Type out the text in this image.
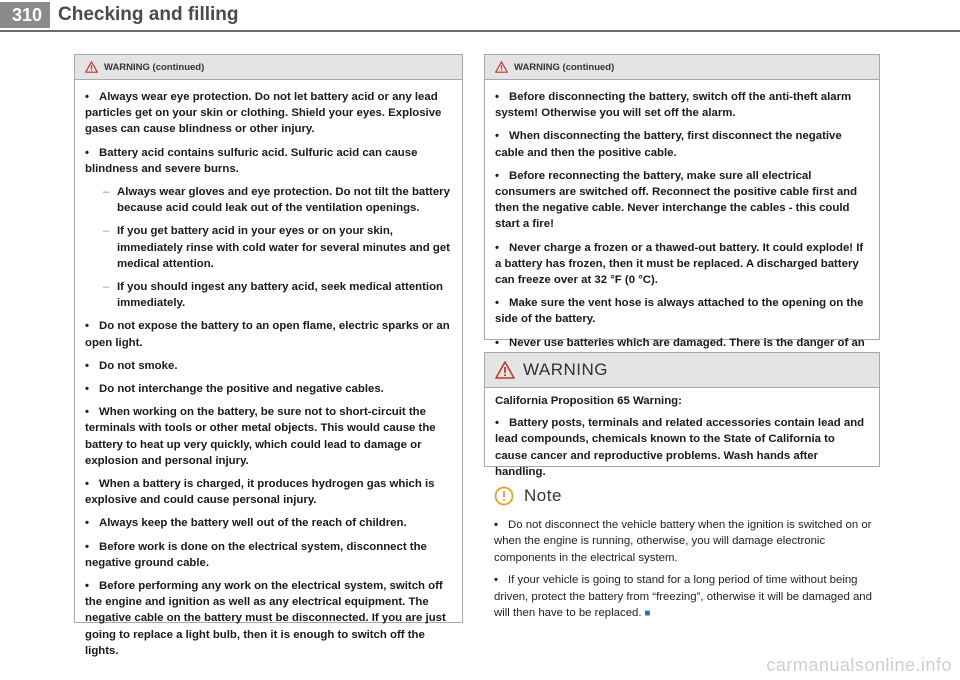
310 Checking and filling
WARNING (continued)
• Always wear eye protection. Do not let battery acid or any lead particles get on your skin or clothing. Shield your eyes. Explosive gases can cause blindness or other injury.
• Battery acid contains sulfuric acid. Sulfuric acid can cause blindness and severe burns.
– Always wear gloves and eye protection. Do not tilt the battery because acid could leak out of the ventilation openings.
– If you get battery acid in your eyes or on your skin, immediately rinse with cold water for several minutes and get medical attention.
– If you should ingest any battery acid, seek medical attention immediately.
• Do not expose the battery to an open flame, electric sparks or an open light.
• Do not smoke.
• Do not interchange the positive and negative cables.
• When working on the battery, be sure not to short-circuit the terminals with tools or other metal objects. This would cause the battery to heat up very quickly, which could lead to damage or explosion and personal injury.
• When a battery is charged, it produces hydrogen gas which is explosive and could cause personal injury.
• Always keep the battery well out of the reach of children.
• Before work is done on the electrical system, disconnect the negative ground cable.
• Before performing any work on the electrical system, switch off the engine and ignition as well as any electrical equipment. The negative cable on the battery must be disconnected. If you are just going to replace a light bulb, then it is enough to switch off the lights.
WARNING (continued)
• Before disconnecting the battery, switch off the anti-theft alarm system! Otherwise you will set off the alarm.
• When disconnecting the battery, first disconnect the negative cable and then the positive cable.
• Before reconnecting the battery, make sure all electrical consumers are switched off. Reconnect the positive cable first and then the negative cable. Never interchange the cables - this could start a fire!
• Never charge a frozen or a thawed-out battery. It could explode! If a battery has frozen, then it must be replaced. A discharged battery can freeze over at 32 °F (0 °C).
• Make sure the vent hose is always attached to the opening on the side of the battery.
• Never use batteries which are damaged. There is the danger of an
WARNING
California Proposition 65 Warning:
• Battery posts, terminals and related accessories contain lead and lead compounds, chemicals known to the State of California to cause cancer and reproductive problems. Wash hands after handling.
Note
• Do not disconnect the vehicle battery when the ignition is switched on or when the engine is running, otherwise, you will damage electronic components in the electrical system.
• If your vehicle is going to stand for a long period of time without being driven, protect the battery from “freezing”, otherwise it will be damaged and will then have to be replaced. ■
carmanualsonline.info
